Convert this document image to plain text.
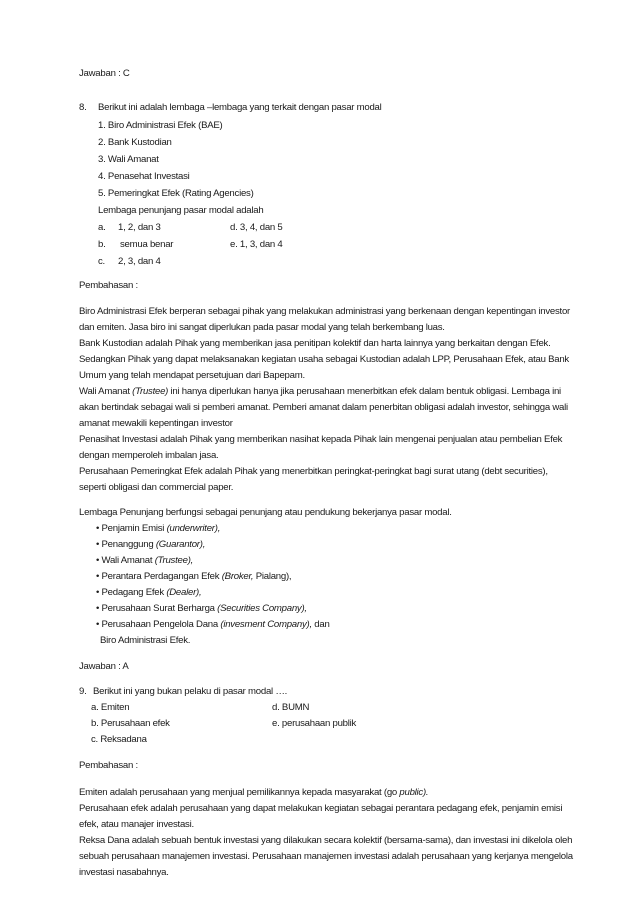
Jawaban : C
8. Berikut ini adalah lembaga –lembaga yang terkait dengan pasar modal
1. Biro Administrasi Efek (BAE)
2. Bank Kustodian
3. Wali Amanat
4. Penasehat Investasi
5. Pemeringkat Efek (Rating Agencies)
Lembaga penunjang pasar modal adalah
a. 1, 2, dan 3	d. 3, 4, dan 5
b. semua benar	e. 1, 3, dan 4
c. 2, 3, dan 4
Pembahasan :
Biro Administrasi Efek berperan sebagai pihak yang melakukan administrasi yang berkenaan dengan kepentingan investor
dan emiten. Jasa biro ini sangat diperlukan pada pasar modal yang telah berkembang luas.
Bank Kustodian adalah Pihak yang memberikan jasa penitipan kolektif dan harta lainnya yang berkaitan dengan Efek.
Sedangkan Pihak yang dapat melaksanakan kegiatan usaha sebagai Kustodian adalah LPP, Perusahaan Efek, atau Bank
Umum yang telah mendapat persetujuan dari Bapepam.
Wali Amanat (Trustee) ini hanya diperlukan hanya jika perusahaan menerbitkan efek dalam bentuk obligasi. Lembaga ini
akan bertindak sebagai wali si pemberi amanat. Pemberi amanat dalam penerbitan obligasi adalah investor, sehingga wali
amanat mewakili kepentingan investor
Penasihat Investasi adalah Pihak yang memberikan nasihat kepada Pihak lain mengenai penjualan atau pembelian Efek
dengan memperoleh imbalan jasa.
Perusahaan Pemeringkat Efek adalah Pihak yang menerbitkan peringkat-peringkat bagi surat utang (debt securities),
seperti obligasi dan commercial paper.
Lembaga Penunjang berfungsi sebagai penunjang atau pendukung bekerjanya pasar modal.
• Penjamin Emisi (underwriter),
• Penanggung (Guarantor),
• Wali Amanat (Trustee),
• Perantara Perdagangan Efek (Broker, Pialang),
• Pedagang Efek (Dealer),
• Perusahaan Surat Berharga (Securities Company),
• Perusahaan Pengelola Dana (invesment Company), dan
Biro Administrasi Efek.
Jawaban : A
9. Berikut ini yang bukan pelaku di pasar modal ….
a. Emiten	d. BUMN
b. Perusahaan efek	e. perusahaan publik
c. Reksadana
Pembahasan :
Emiten adalah perusahaan yang menjual pemilikannya kepada masyarakat (go public).
Perusahaan efek adalah perusahaan yang dapat melakukan kegiatan sebagai perantara pedagang efek, penjamin emisi
efek, atau manajer investasi.
Reksa Dana adalah sebuah bentuk investasi yang dilakukan secara kolektif (bersama-sama), dan investasi ini dikelola oleh
sebuah perusahaan manajemen investasi. Perusahaan manajemen investasi adalah perusahaan yang kerjanya mengelola
investasi nasabahnya.
